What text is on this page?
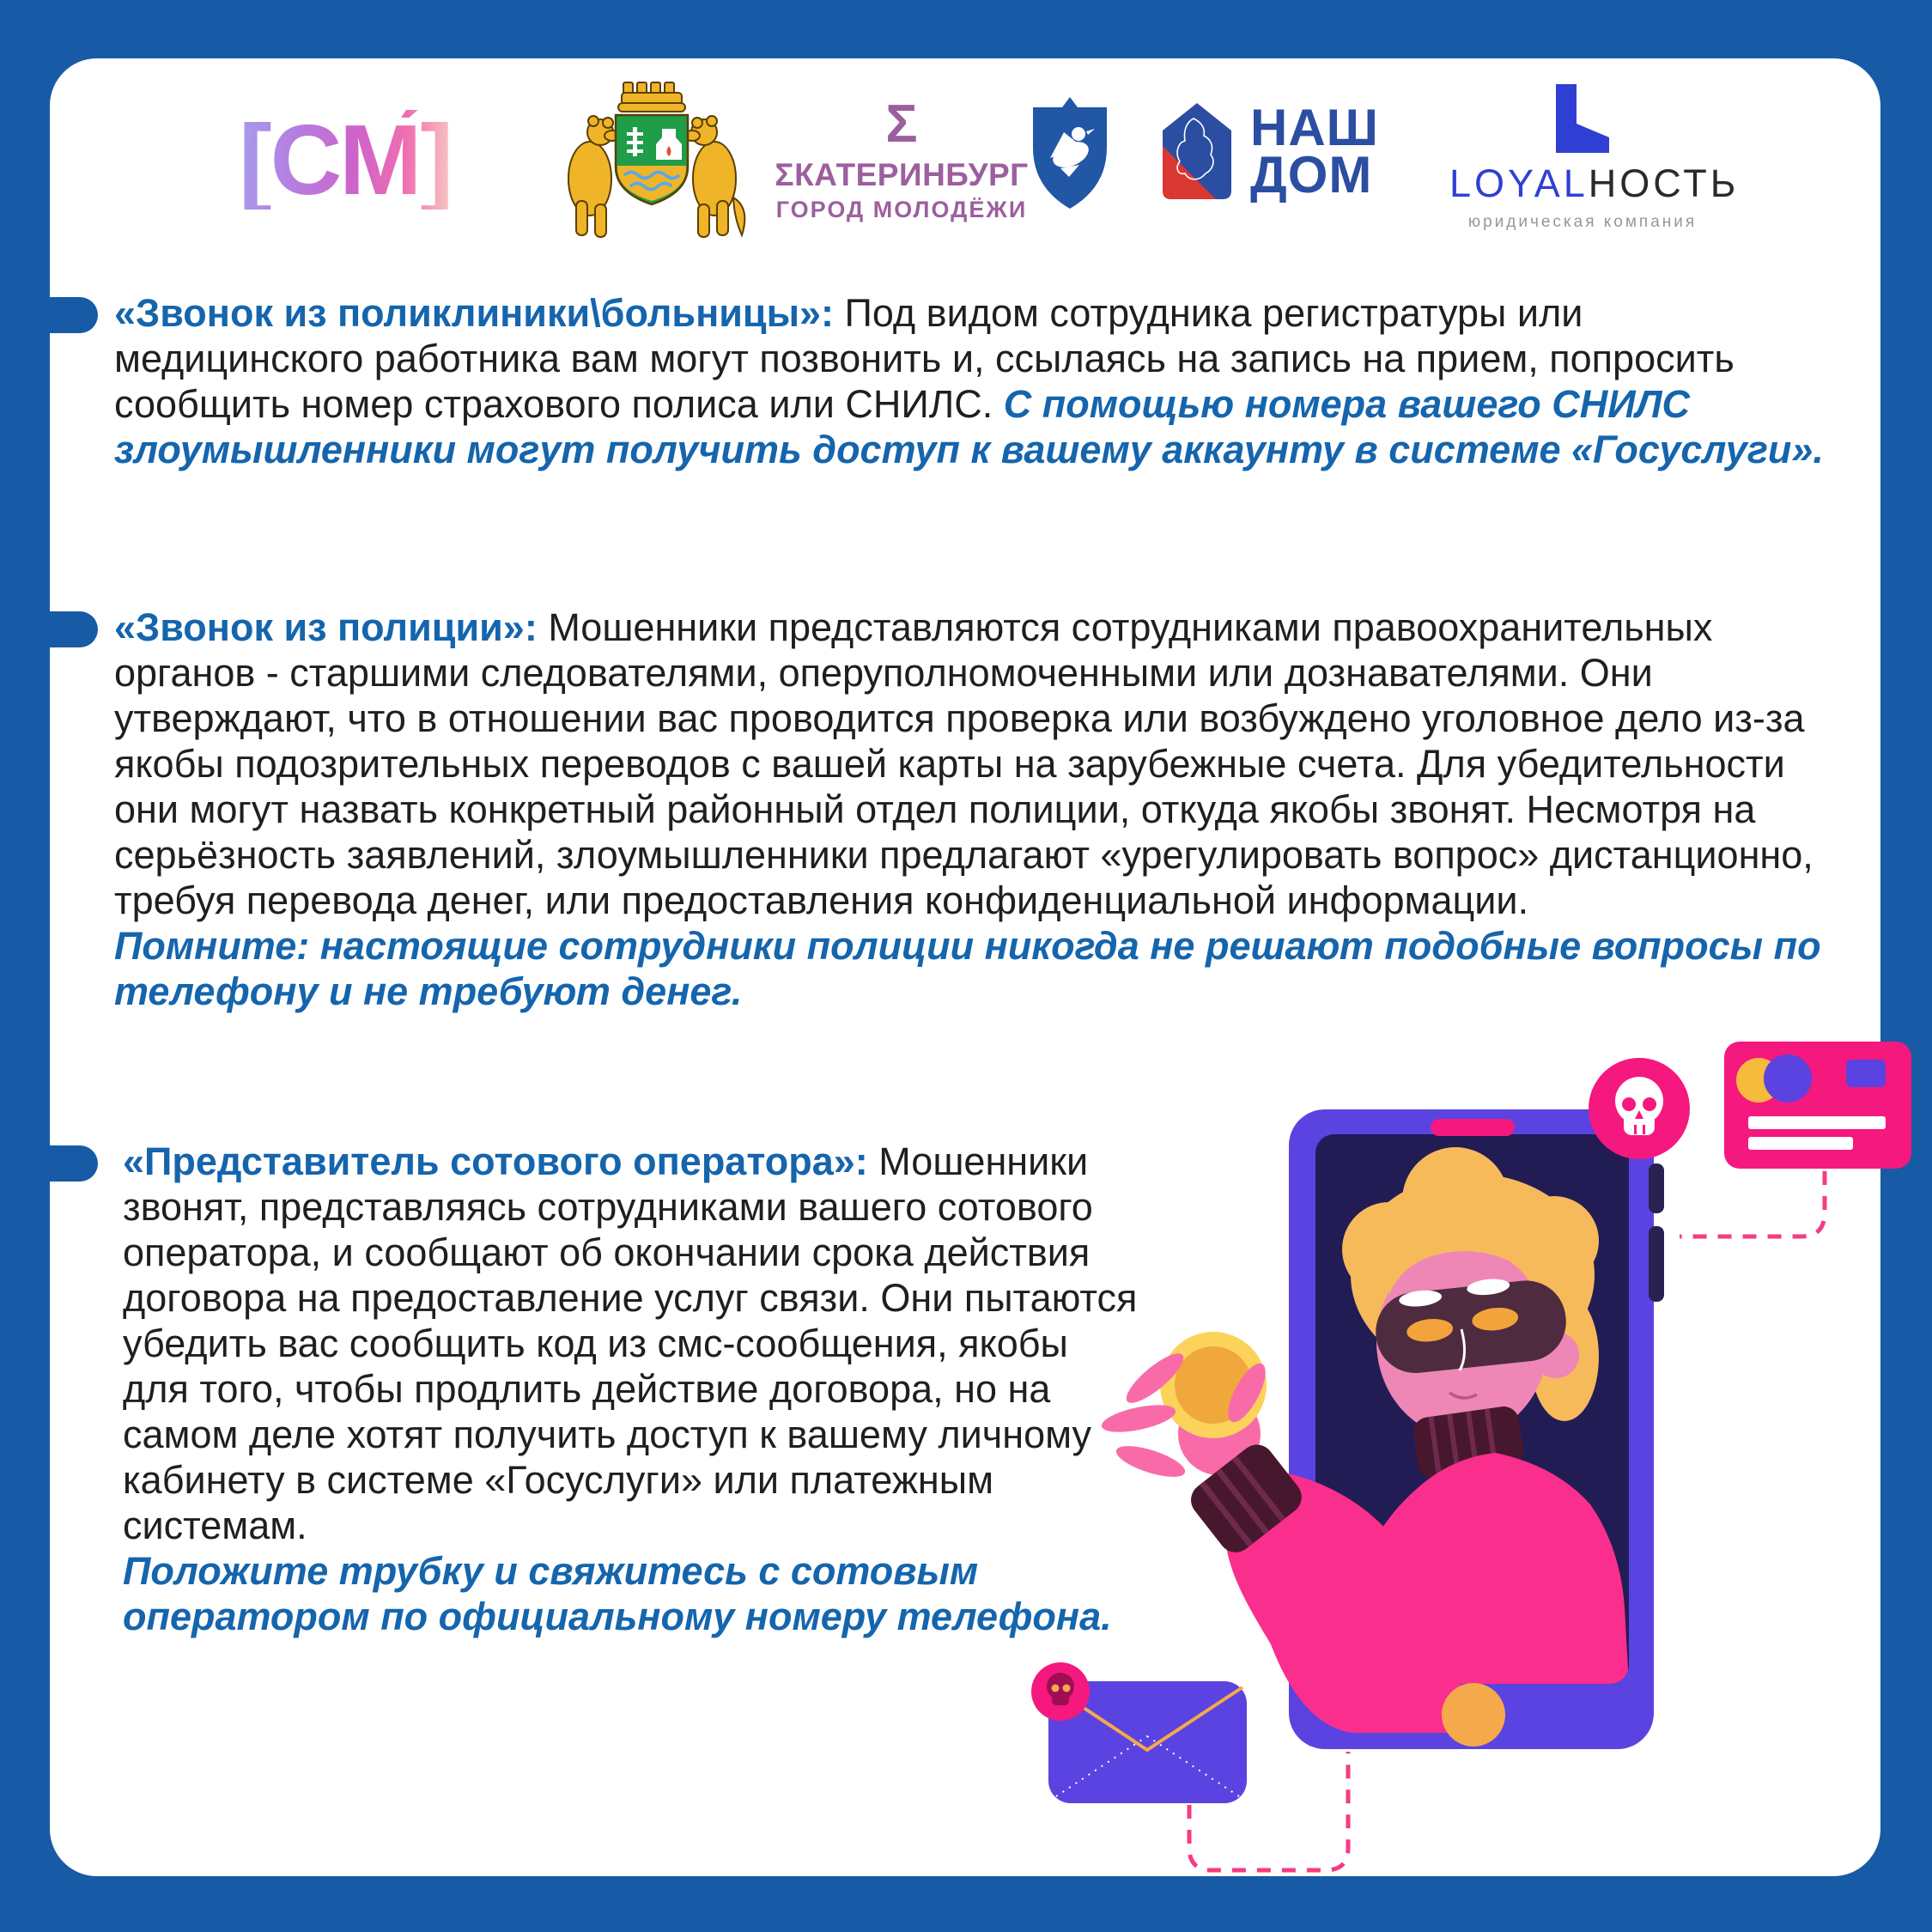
[СМ́]	Σ
ΣКАТЕРИНБУРГ
ГОРОД МОЛОДЁЖИ
НАШ
ДОМ LOYALНОСТЬ
юридическая компания

«Звонок из поликлиники\больницы»: Под видом сотрудника регистратуры или медицинского работника вам могут позвонить и, ссылаясь на запись на прием, попросить сообщить номер страхового полиса или СНИЛС. С помощью номера вашего СНИЛС злоумышленники могут получить доступ к вашему аккаунту в системе «Госуслуги».

«Звонок из полиции»: Мошенники представляются сотрудниками правоохранительных органов - старшими следователями, оперуполномоченными или дознавателями. Они утверждают, что в отношении вас проводится проверка или возбуждено уголовное дело из-за якобы подозрительных переводов с вашей карты на зарубежные счета. Для убедительности они могут назвать конкретный районный отдел полиции, откуда якобы звонят. Несмотря на серьёзность заявлений, злоумышленники предлагают «урегулировать вопрос» дистанционно, требуя перевода денег, или предоставления конфиденциальной информации.
Помните: настоящие сотрудники полиции никогда не решают подобные вопросы по телефону и не требуют денег.

«Представитель сотового оператора»: Мошенники звонят, представляясь сотрудниками вашего сотового оператора, и сообщают об окончании срока действия договора на предоставление услуг связи. Они пытаются убедить вас сообщить код из смс-сообщения, якобы для того, чтобы продлить действие договора, но на самом деле хотят получить доступ к вашему личному кабинету в системе «Госуслуги» или платежным системам.
Положите трубку и свяжитесь с сотовым оператором по официальному номеру телефона.
